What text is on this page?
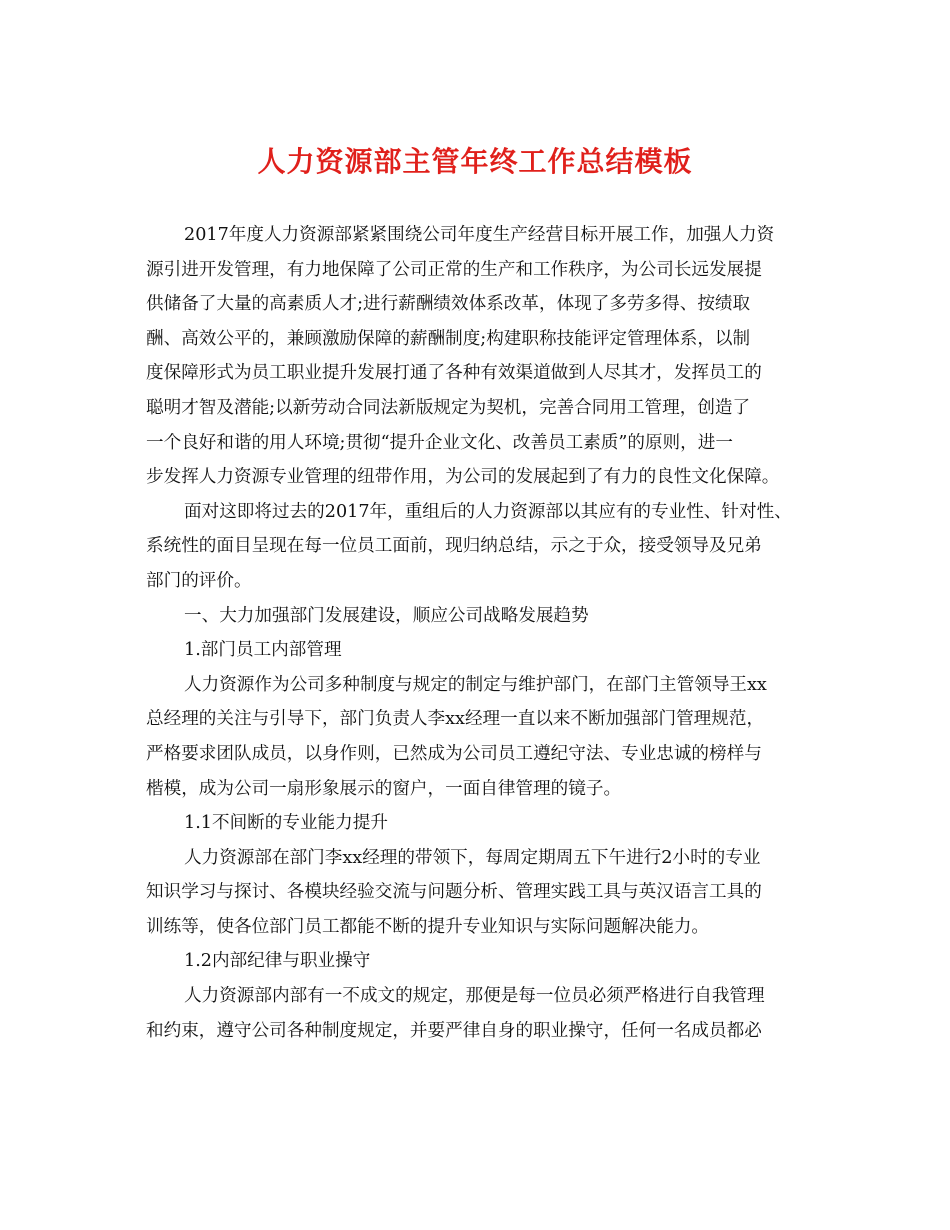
人力资源部主管年终工作总结模板
2017年度人力资源部紧紧围绕公司年度生产经营目标开展工作，加强人力资
源引进开发管理，有力地保障了公司正常的生产和工作秩序，为公司长远发展提
供储备了大量的高素质人才;进行薪酬绩效体系改革，体现了多劳多得、按绩取
酬、高效公平的，兼顾激励保障的薪酬制度;构建职称技能评定管理体系，以制
度保障形式为员工职业提升发展打通了各种有效渠道做到人尽其才，发挥员工的
聪明才智及潜能;以新劳动合同法新版规定为契机，完善合同用工管理，创造了
一个良好和谐的用人环境;贯彻“提升企业文化、改善员工素质”的原则，进一
步发挥人力资源专业管理的纽带作用，为公司的发展起到了有力的良性文化保障。
面对这即将过去的2017年，重组后的人力资源部以其应有的专业性、针对性、
系统性的面目呈现在每一位员工面前，现归纳总结，示之于众，接受领导及兄弟
部门的评价。
一、大力加强部门发展建设，顺应公司战略发展趋势
1.部门员工内部管理
人力资源作为公司多种制度与规定的制定与维护部门，在部门主管领导王xx
总经理的关注与引导下，部门负责人李xx经理一直以来不断加强部门管理规范，
严格要求团队成员，以身作则，已然成为公司员工遵纪守法、专业忠诚的榜样与
楷模，成为公司一扇形象展示的窗户，一面自律管理的镜子。
1.1不间断的专业能力提升
人力资源部在部门李xx经理的带领下，每周定期周五下午进行2小时的专业
知识学习与探讨、各模块经验交流与问题分析、管理实践工具与英汉语言工具的
训练等，使各位部门员工都能不断的提升专业知识与实际问题解决能力。
1.2内部纪律与职业操守
人力资源部内部有一不成文的规定，那便是每一位员必须严格进行自我管理
和约束，遵守公司各种制度规定，并要严律自身的职业操守，任何一名成员都必
